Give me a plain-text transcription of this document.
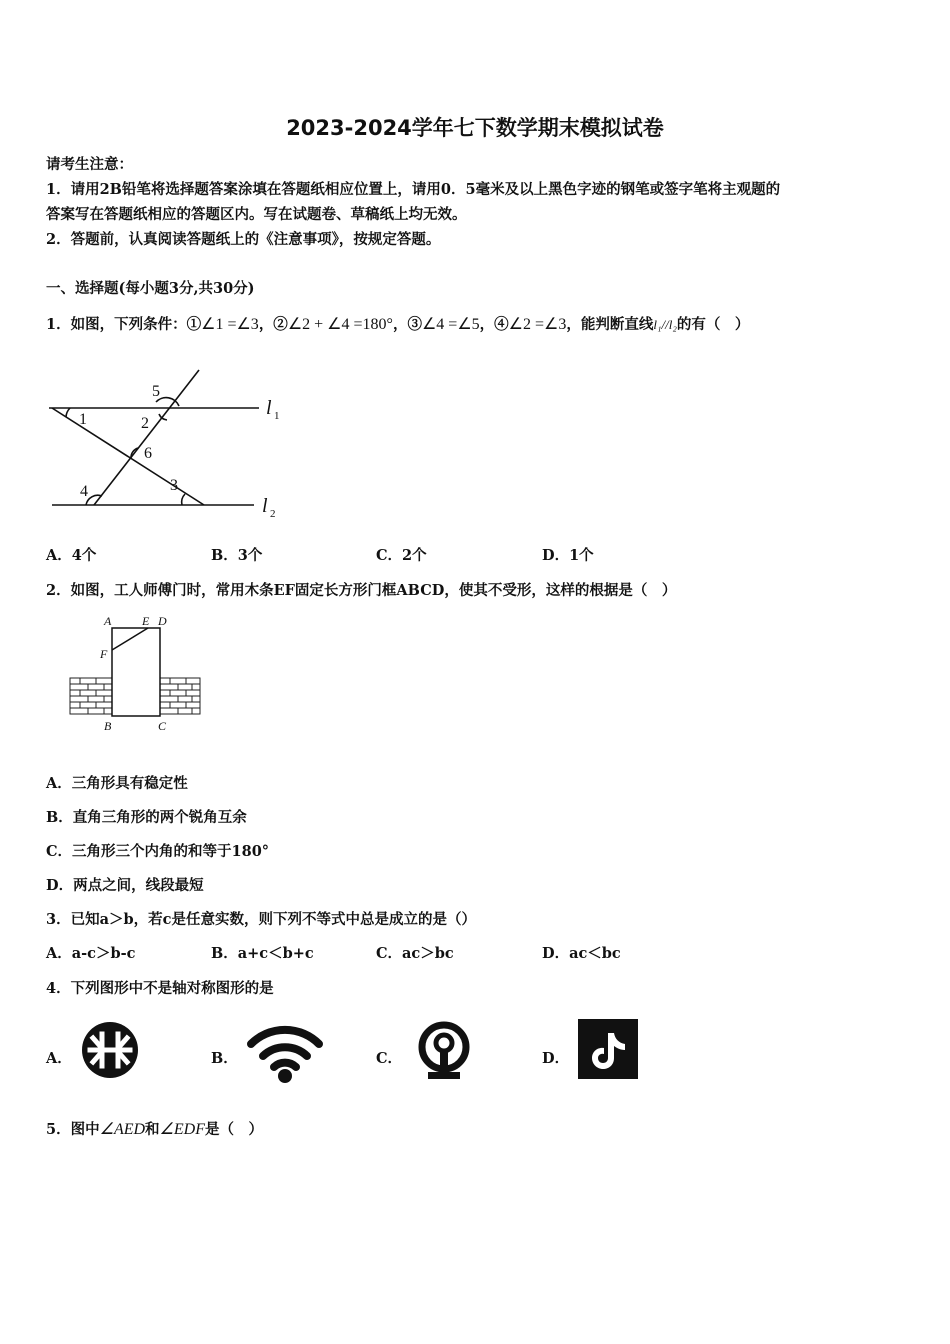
2023-2024学年七下数学期末模拟试卷
请考生注意：
1．请用2B铅笔将选择题答案涂填在答题纸相应位置上，请用0．5毫米及以上黑色字迹的钢笔或签字笔将主观题的
答案写在答题纸相应的答题区内。写在试题卷、草稿纸上均无效。
2．答题前，认真阅读答题纸上的《注意事项》，按规定答题。
一、选择题(每小题3分,共30分)
1．如图，下列条件：①∠1 =∠3，②∠2 + ∠4 =180°，③∠4 =∠5，④∠2 =∠3，能判断直线l₁//l₂的有（　）
1	2
3
4
5
6
l 1
l 2
A．4个	B．3个	C．2个	D．1个
2．如图，工人师傅门时，常用木条EF固定长方形门框ABCD，使其不受形，这样的根据是（　）
A	E D
F
B	C
A．三角形具有稳定性
B．直角三角形的两个锐角互余
C．三角形三个内角的和等于180°
D．两点之间，线段最短
3．已知a＞b，若c是任意实数，则下列不等式中总是成立的是（）
A．a-c＞b-c	B．a+c＜b+c	C．ac＞bc	D．ac＜bc
4．下列图形中不是轴对称图形的是
A．	B．	C．	D．
5．图中∠AED和∠EDF是（　）
